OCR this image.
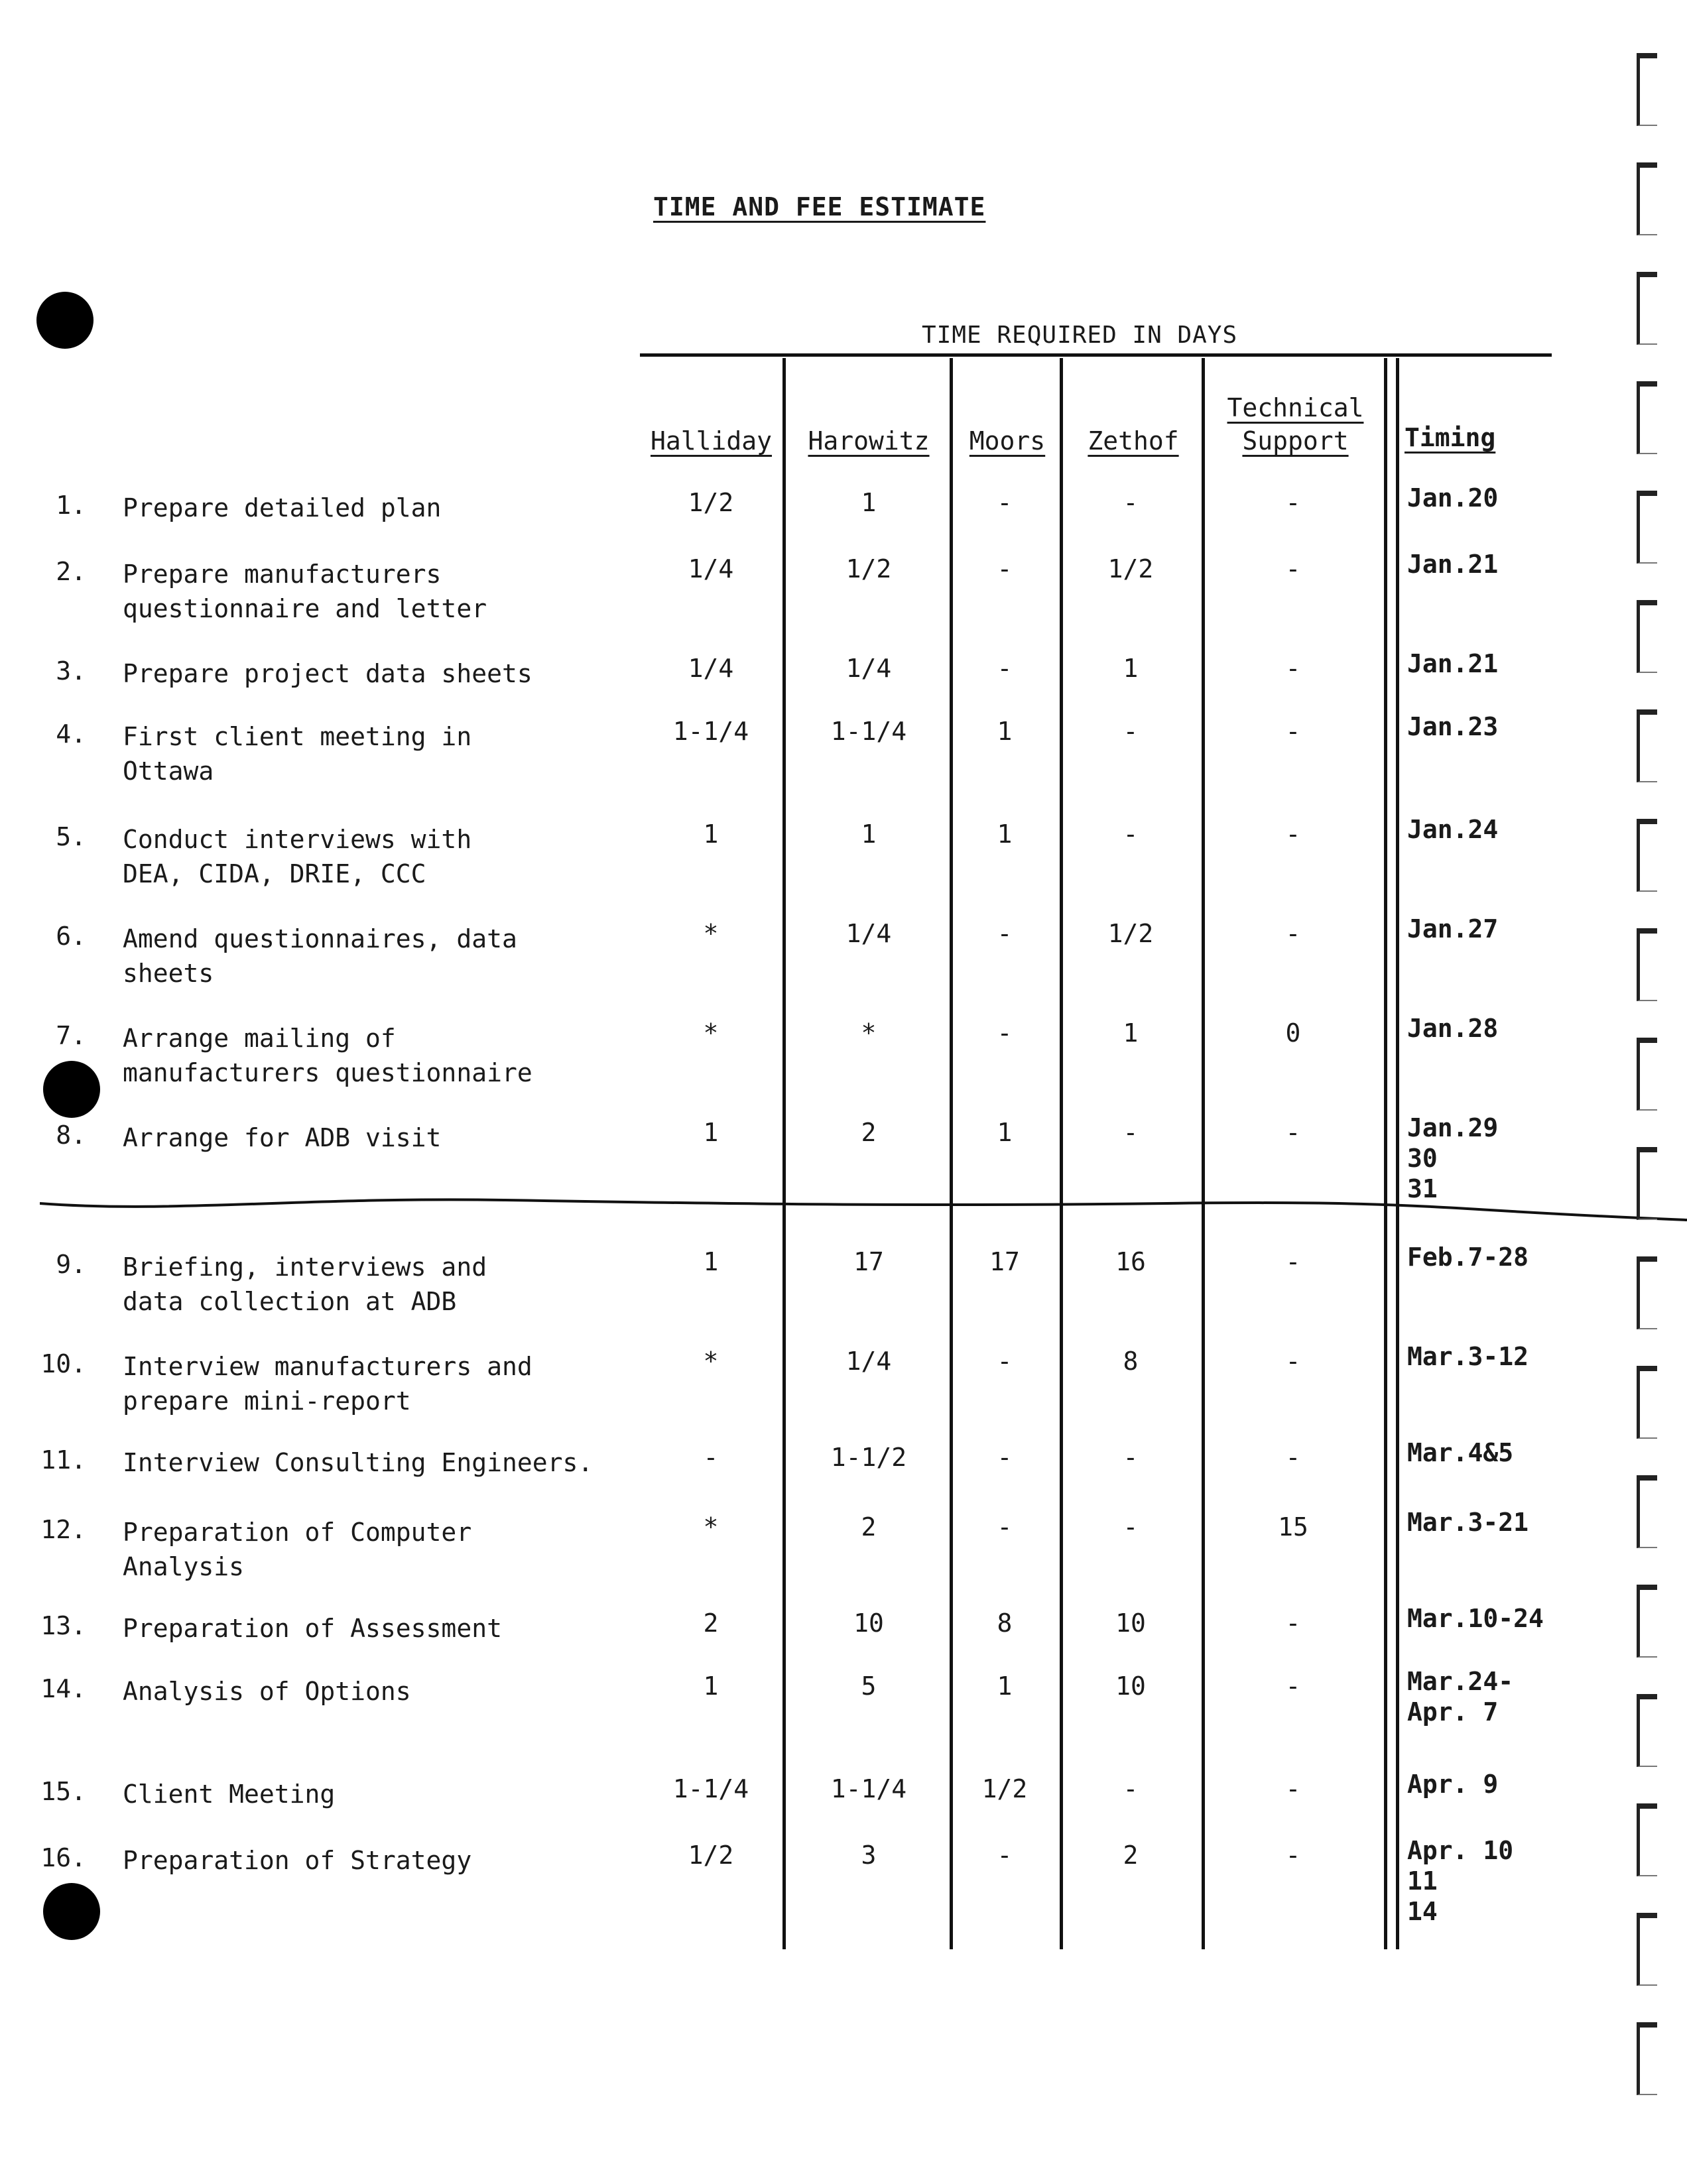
TIME AND FEE ESTIMATE
TIME REQUIRED IN DAYS
Halliday	Harowitz	Moors	Zethof
Technical
Support	Timing
1. Prepare detailed plan	1/2	1	-	-	-	Jan.20
2. Prepare manufacturers
questionnaire and letter
1/4	1/2	-	1/2	-	Jan.21
3. Prepare project data sheets	1/4	1/4	-	1	-	Jan.21
4. First client meeting in
Ottawa
1-1/4	1-1/4	1	-	-	Jan.23
5. Conduct interviews with
DEA, CIDA, DRIE, CCC
1	1	1	-	-	Jan.24
6. Amend questionnaires, data
sheets
*	1/4	-	1/2	-	Jan.27
7. Arrange mailing of
manufacturers questionnaire
*	*	-	1	0	Jan.28
8. Arrange for ADB visit	1	2	1	-	-	Jan.29
30
31
9. Briefing, interviews and
data collection at ADB
1	17	17	16	-	Feb.7-28
10. Interview manufacturers and
prepare mini-report
*	1/4	-	8	-	Mar.3-12
11. Interview Consulting Engineers.	-	1-1/2	-	-	-	Mar.4&5
12. Preparation of Computer
Analysis
*	2	-	-	15	Mar.3-21
13. Preparation of Assessment	2	10	8	10	-	Mar.10-24
14. Analysis of Options	1	5	1	10	-	Mar.24-
Apr. 7
15. Client Meeting	1-1/4	1-1/4	1/2	-	-	Apr. 9
16. Preparation of Strategy	1/2	3	-	2	-	Apr. 10
11
14
